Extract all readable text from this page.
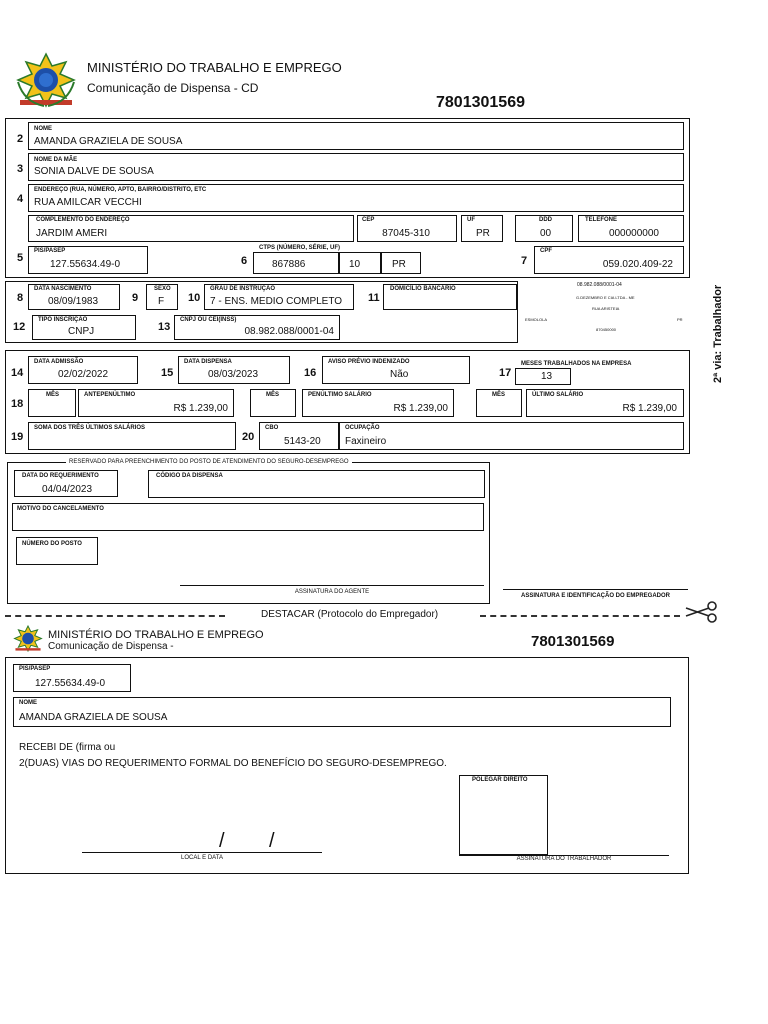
MINISTÉRIO DO TRABALHO E EMPREGO
Comunicação de Dispensa - CD
7801301569
2ª via: Trabalhador
2
NOME
AMANDA GRAZIELA DE SOUSA
3
NOME DA MÃE
SONIA DALVE DE SOUSA
4
ENDEREÇO (RUA, NÚMERO, APTO, BAIRRO/DISTRITO, ETC
RUA AMILCAR VECCHI
COMPLEMENTO DO ENDEREÇO
JARDIM AMERI
CEP
87045-310
UF
PR
DDD
00
TELEFONE
000000000
5
PIS/PASEP
127.55634.49-0	6
CTPS (NÚMERO, SÉRIE, UF)
867886	10	PR	7
CPF
059.020.409-22
8
DATA NASCIMENTO
08/09/1983	9
SEXO
F 10
GRAU DE INSTRUÇÃO
7 - ENS. MEDIO COMPLETO 11
DOMICÍLIO BANCÁRIO
12
TIPO INSCRIÇÃO
CNPJ	13
CNPJ OU CEI(INSS)
08.982.088/0001-04
08.982.088/0001-04
G.DEZEMBRO E CIA LTDA - ME
RUA ARISTEIA
ESMOLOLA	PR
870450000
14
DATA ADMISSÃO
02/02/2022	15
DATA DISPENSA
08/03/2023	16
AVISO PRÉVIO INDENIZADO
Não	17
MESES TRABALHADOS NA EMPRESA
13
18
MÊS	ANTEPENÚLTIMO
R$ 1.239,00
MÊS	PENÚLTIMO SALÁRIO
R$ 1.239,00
MÊS	ÚLTIMO SALÁRIO
R$ 1.239,00
19
SOMA DOS TRÊS ÚLTIMOS SALÁRIOS
20
CBO
5143-20
OCUPAÇÃO
Faxineiro
RESERVADO PARA PREENCHIMENTO DO POSTO DE ATENDIMENTO DO SEGURO-DESEMPREGO
DATA DO REQUERIMENTO
04/04/2023
CÓDIGO DA DISPENSA
MOTIVO DO CANCELAMENTO
NÚMERO DO POSTO
ASSINATURA DO AGENTE
ASSINATURA E IDENTIFICAÇÃO DO EMPREGADOR
DESTACAR (Protocolo do Empregador)
MINISTÉRIO DO TRABALHO E EMPREGO
Comunicação de Dispensa -	7801301569
PIS/PASEP
127.55634.49-0
NOME
AMANDA GRAZIELA DE SOUSA
RECEBI DE (firma ou
2(DUAS) VIAS DO REQUERIMENTO FORMAL DO BENEFÍCIO DO SEGURO-DESEMPREGO.
POLEGAR DIREITO
/        /
LOCAL E DATA	ASSINATURA DO TRABALHADOR
